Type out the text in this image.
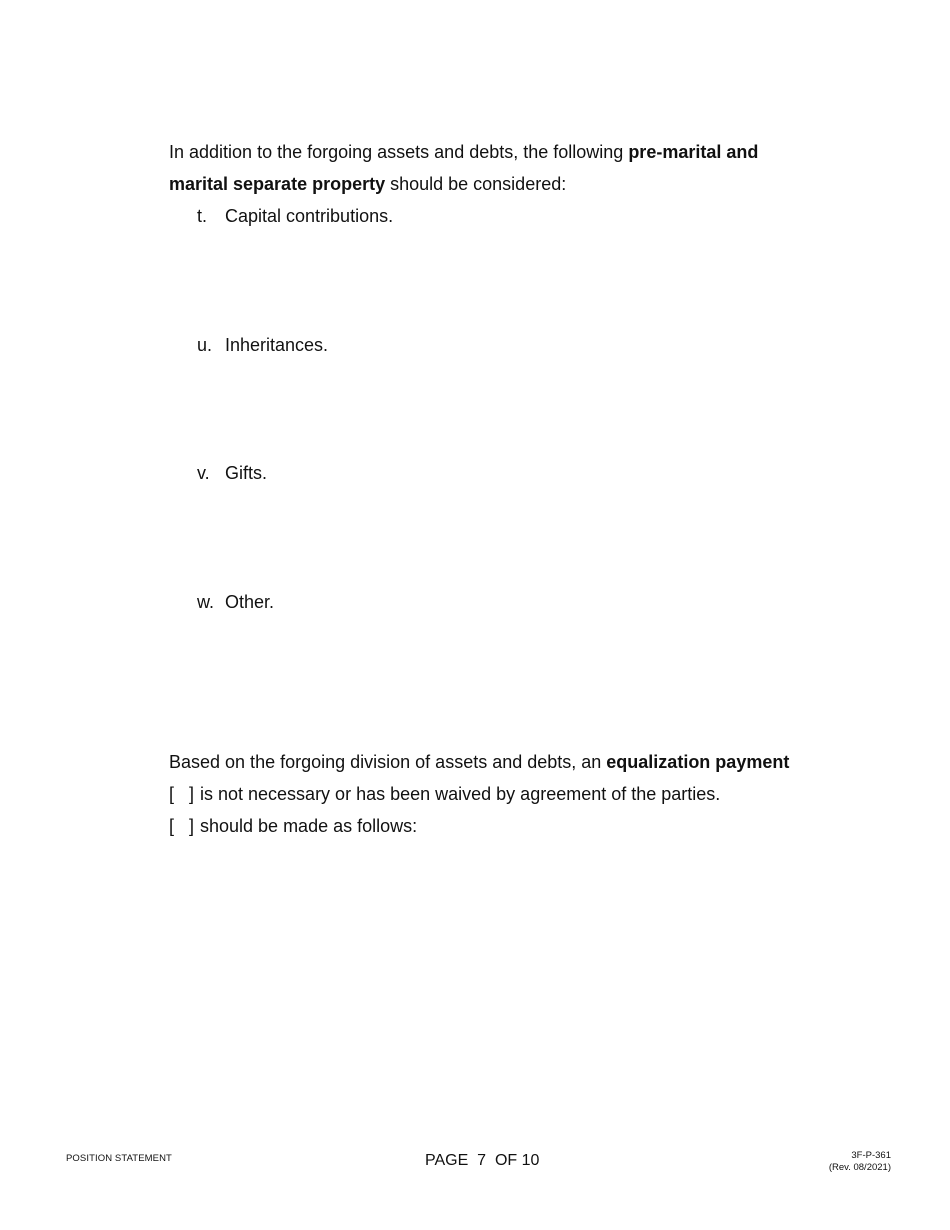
In addition to the forgoing assets and debts, the following pre-marital and
marital separate property should be considered:
t. Capital contributions.
u. Inheritances.
v. Gifts.
w. Other.
Based on the forgoing division of assets and debts, an equalization payment
[   ] is not necessary or has been waived by agreement of the parties.
[   ] should be made as follows:
POSITION STATEMENT	PAGE  7  OF 10	3F-P-361
(Rev. 08/2021)
